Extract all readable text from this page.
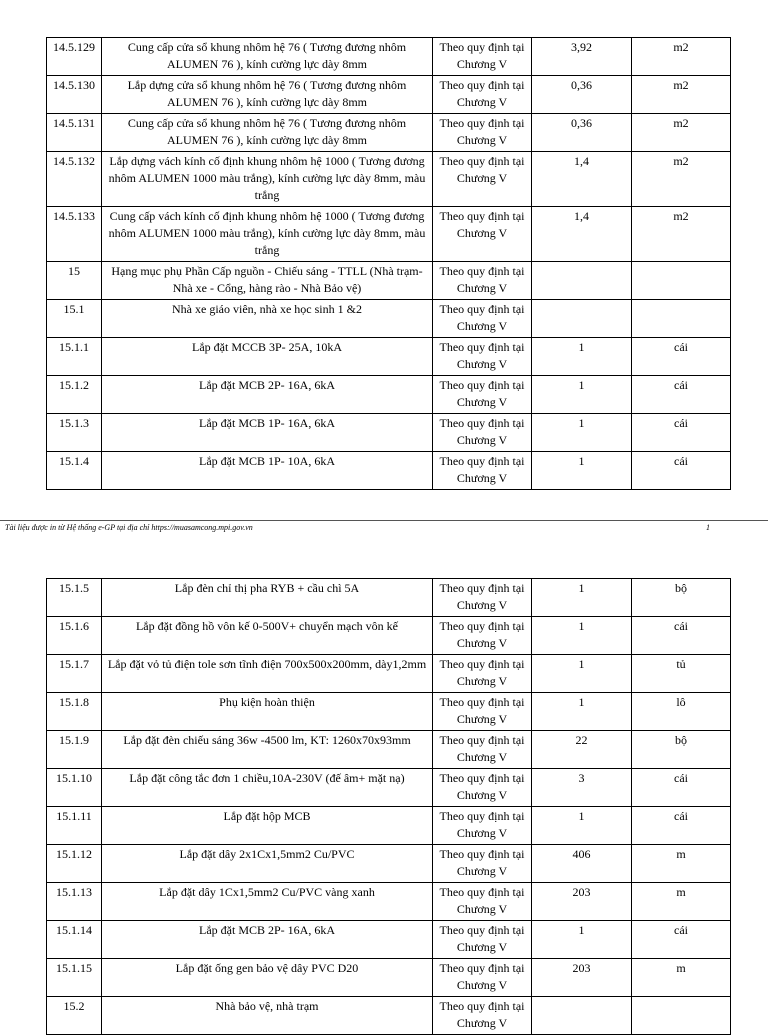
14.5.129	Cung cấp cửa sổ khung nhôm hệ 76 ( Tương đương nhôm ALUMEN 76 ), kính cường lực dày 8mm	Theo quy định tại Chương V	3,92	m2
14.5.130	Lắp dựng cửa sổ khung nhôm hệ 76 ( Tương đương nhôm ALUMEN 76 ), kính cường lực dày 8mm	Theo quy định tại Chương V	0,36	m2
14.5.131	Cung cấp cửa sổ khung nhôm hệ 76 ( Tương đương nhôm ALUMEN 76 ), kính cường lực dày 8mm	Theo quy định tại Chương V	0,36	m2
14.5.132	Lắp dựng vách kính cố định khung nhôm hệ 1000 ( Tương đương nhôm ALUMEN 1000 màu trắng), kính cường lực dày 8mm, màu trắng	Theo quy định tại Chương V	1,4	m2
14.5.133	Cung cấp vách kính cố định khung nhôm hệ 1000 ( Tương đương nhôm ALUMEN 1000 màu trắng), kính cường lực dày 8mm, màu trắng	Theo quy định tại Chương V	1,4	m2
15	Hạng mục phụ Phần Cấp nguồn - Chiếu sáng - TTLL (Nhà trạm- Nhà xe - Cổng, hàng rào - Nhà Bảo vệ)	Theo quy định tại Chương V		
15.1	Nhà xe giáo viên, nhà xe học sinh 1 &2	Theo quy định tại Chương V		
15.1.1	Lắp đặt MCCB 3P- 25A, 10kA	Theo quy định tại Chương V	1	cái
15.1.2	Lắp đặt MCB 2P- 16A, 6kA	Theo quy định tại Chương V	1	cái
15.1.3	Lắp đặt MCB 1P- 16A, 6kA	Theo quy định tại Chương V	1	cái
15.1.4	Lắp đặt MCB 1P- 10A, 6kA	Theo quy định tại Chương V	1	cái
Tài liệu được in từ Hệ thống e-GP tại địa chỉ https://muasamcong.mpi.gov.vn	1
15.1.5	Lắp đèn chỉ thị pha RYB + cầu chì 5A	Theo quy định tại Chương V	1	bộ
15.1.6	Lắp đặt đồng hồ vôn kế 0-500V+ chuyển mạch vôn kế	Theo quy định tại Chương V	1	cái
15.1.7	Lắp đặt vỏ tủ điện tole sơn tĩnh điện 700x500x200mm, dày1,2mm	Theo quy định tại Chương V	1	tủ
15.1.8	Phụ kiện hoàn thiện	Theo quy định tại Chương V	1	lô
15.1.9	Lắp đặt đèn chiếu sáng 36w -4500 lm, KT: 1260x70x93mm	Theo quy định tại Chương V	22	bộ
15.1.10	Lắp đặt công tắc đơn 1 chiều,10A-230V (đế âm+ mặt nạ)	Theo quy định tại Chương V	3	cái
15.1.11	Lắp đặt hộp MCB	Theo quy định tại Chương V	1	cái
15.1.12	Lắp đặt dây 2x1Cx1,5mm2 Cu/PVC	Theo quy định tại Chương V	406	m
15.1.13	Lắp đặt dây 1Cx1,5mm2 Cu/PVC vàng xanh	Theo quy định tại Chương V	203	m
15.1.14	Lắp đặt MCB 2P- 16A, 6kA	Theo quy định tại Chương V	1	cái
15.1.15	Lắp đặt ống gen bảo vệ dây PVC D20	Theo quy định tại Chương V	203	m
15.2	Nhà bảo vệ, nhà trạm	Theo quy định tại Chương V		
